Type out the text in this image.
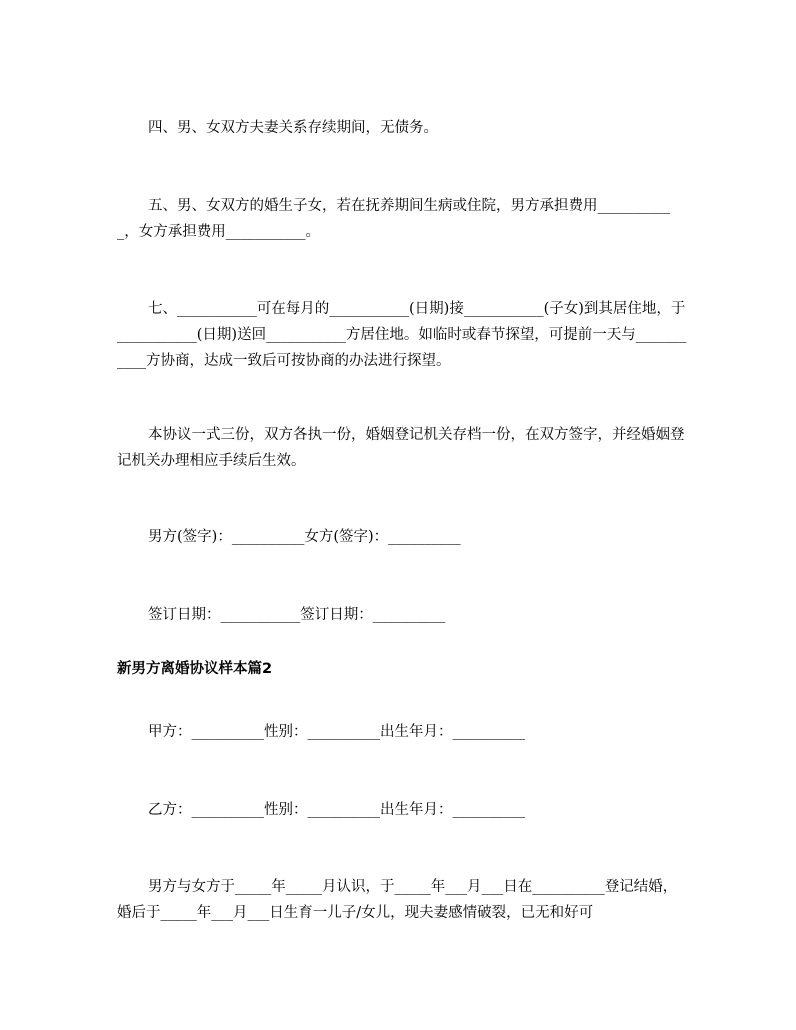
四、男、女双方夫妻关系存续期间，无债务。
五、男、女双方的婚生子女，若在抚养期间生病或住院，男方承担费用___________，女方承担费用___________。
七、___________可在每月的___________(日期)接___________(子女)到其居住地，于___________(日期)送回___________方居住地。如临时或春节探望，可提前一天与___________方协商，达成一致后可按协商的办法进行探望。
本协议一式三份，双方各执一份，婚姻登记机关存档一份，在双方签字，并经婚姻登记机关办理相应手续后生效。
男方(签字)：__________女方(签字)：__________
签订日期：___________签订日期：__________
新男方离婚协议样本篇2
甲方：__________性别：__________出生年月：__________
乙方：__________性别：__________出生年月：__________
男方与女方于_____年_____月认识，于_____年___月___日在__________登记结婚，婚后于_____年___月___日生育一儿子/女儿，现夫妻感情破裂，已无和好可
